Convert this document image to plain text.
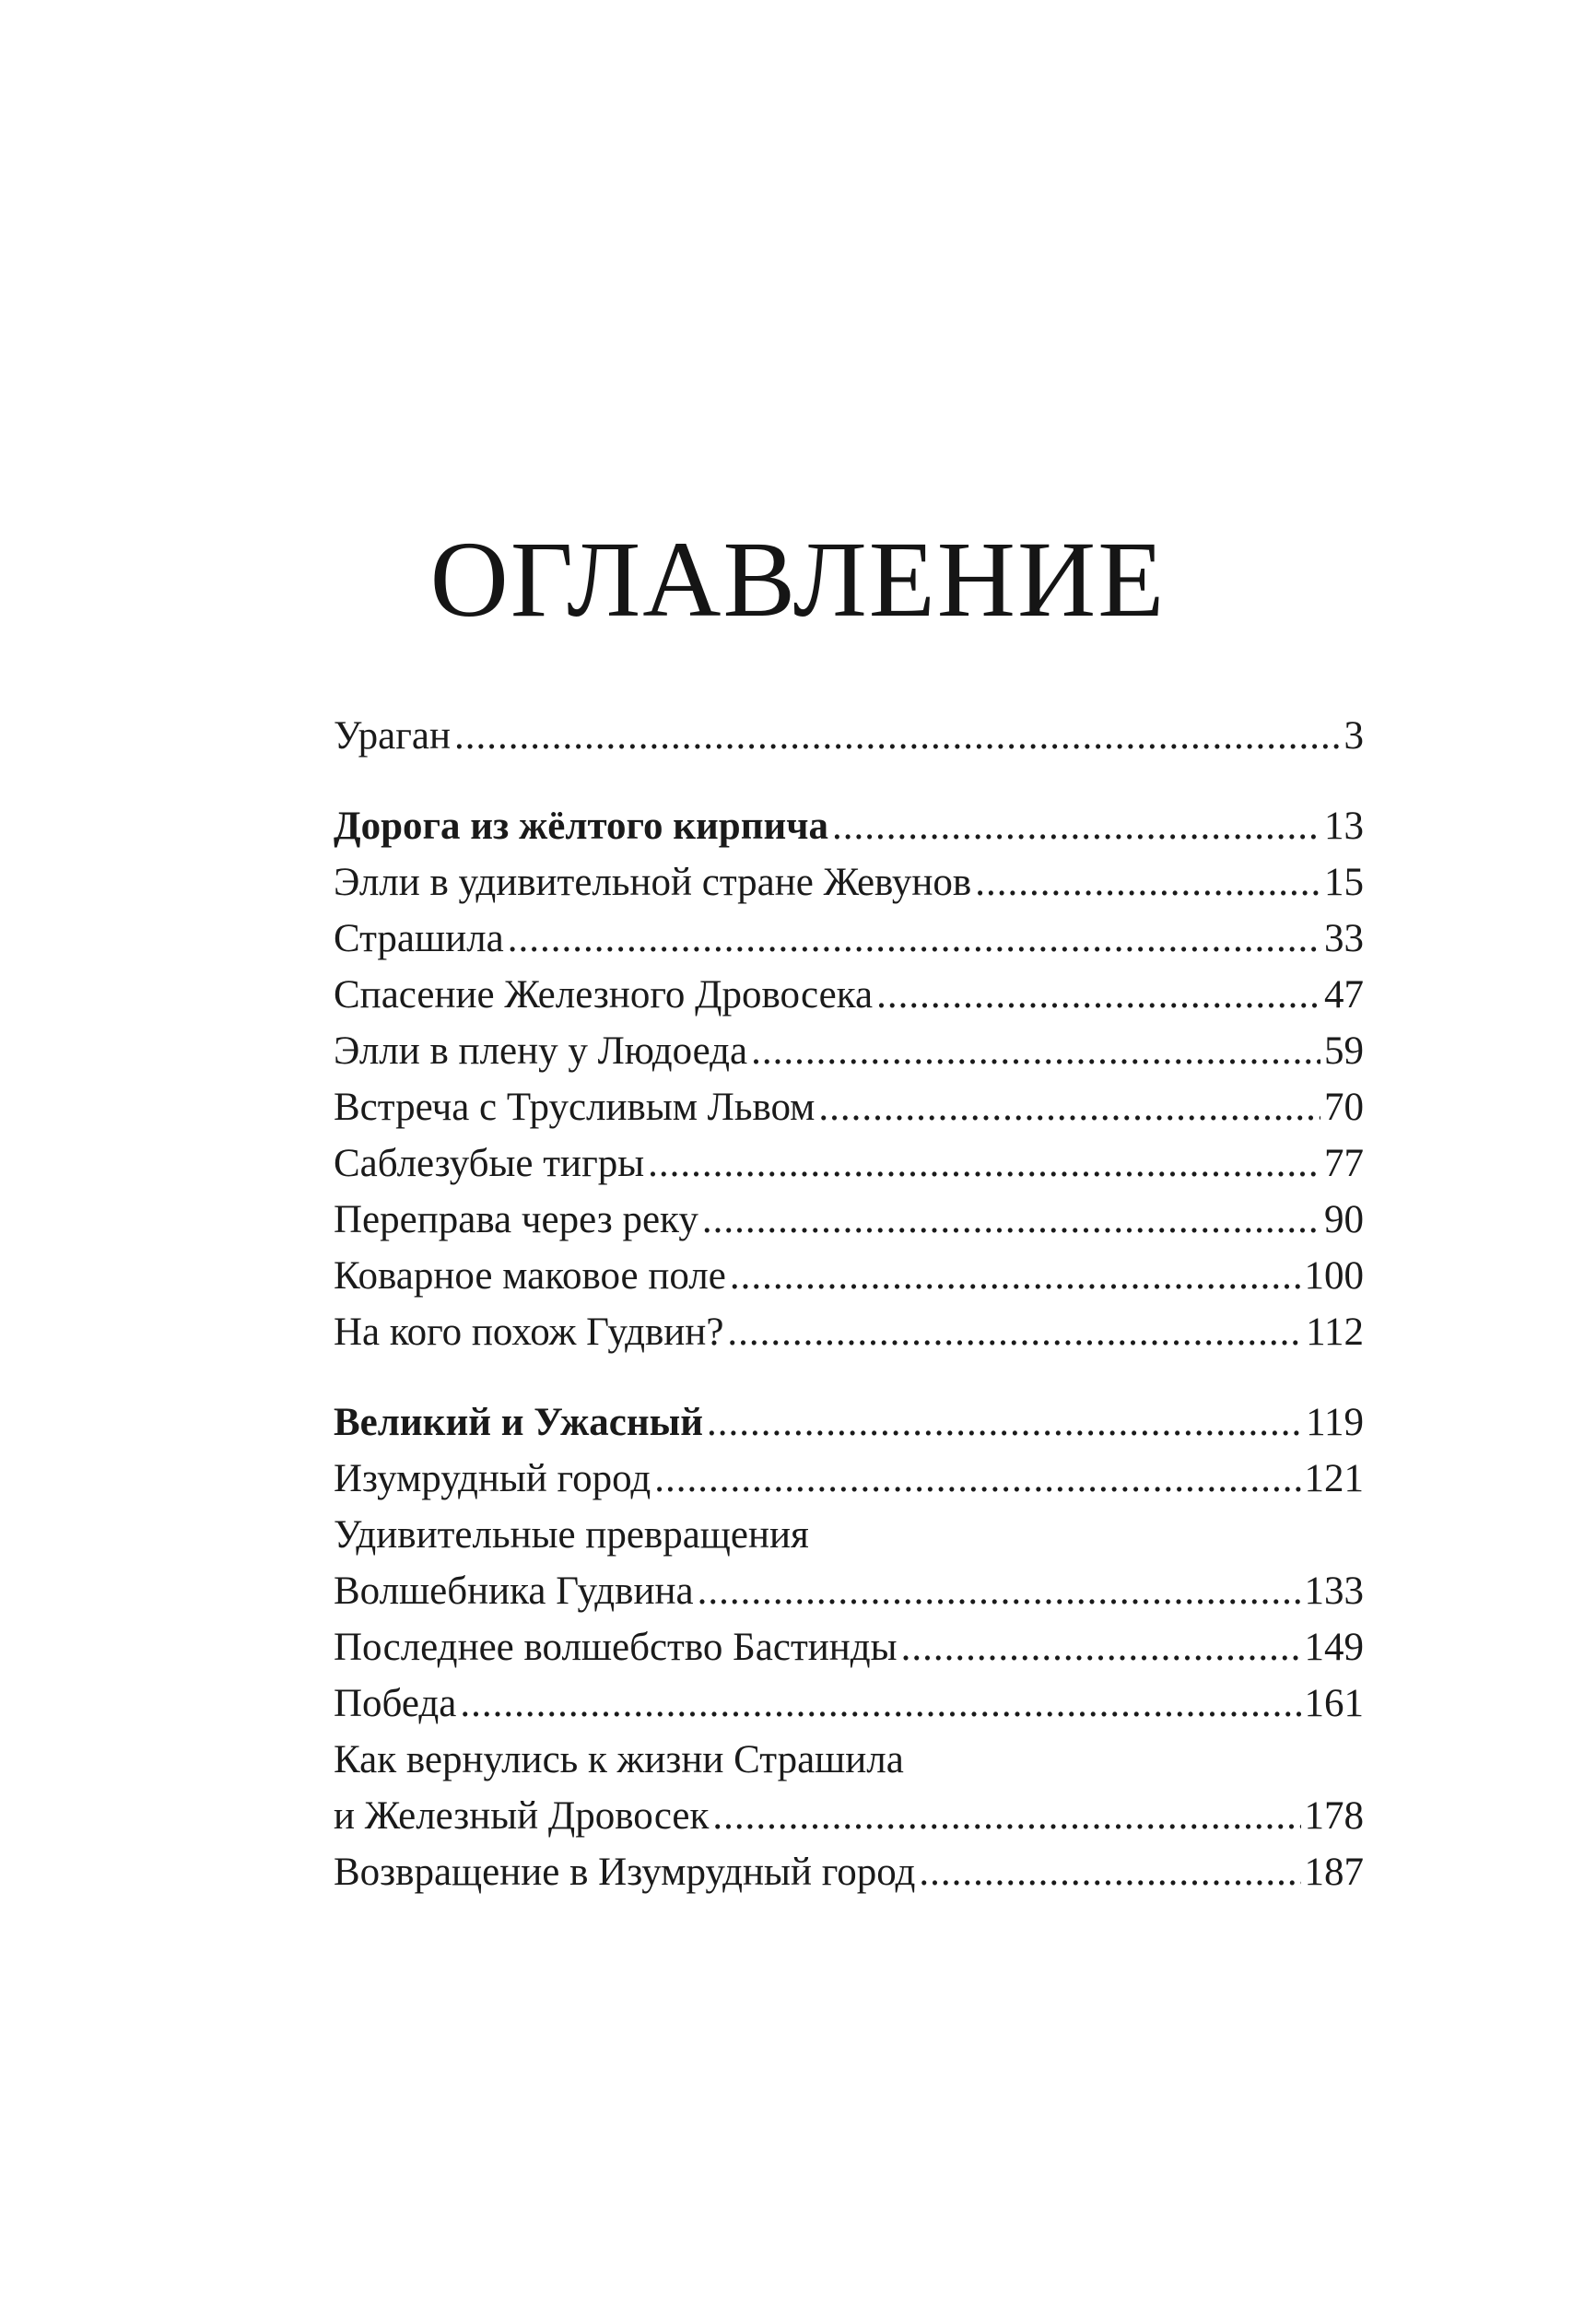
ОГЛАВЛЕНИЕ
Ураган .....	3
Дорога из жёлтого кирпича .....	13
Элли в удивительной стране Жевунов .....	15
Страшила .....	33
Спасение Железного Дровосека .....	47
Элли в плену у Людоеда .....	59
Встреча с Трусливым Львом .....	70
Саблезубые тигры .....	77
Переправа через реку .....	90
Коварное маковое поле .....	100
На кого похож Гудвин? .....	112
Великий и Ужасный .....	119
Изумрудный город .....	121
Удивительные превращения
Волшебника Гудвина .....	133
Последнее волшебство Бастинды .....	149
Победа .....	161
Как вернулись к жизни Страшила
и Железный Дровосек .....	178
Возвращение в Изумрудный город .....	187
